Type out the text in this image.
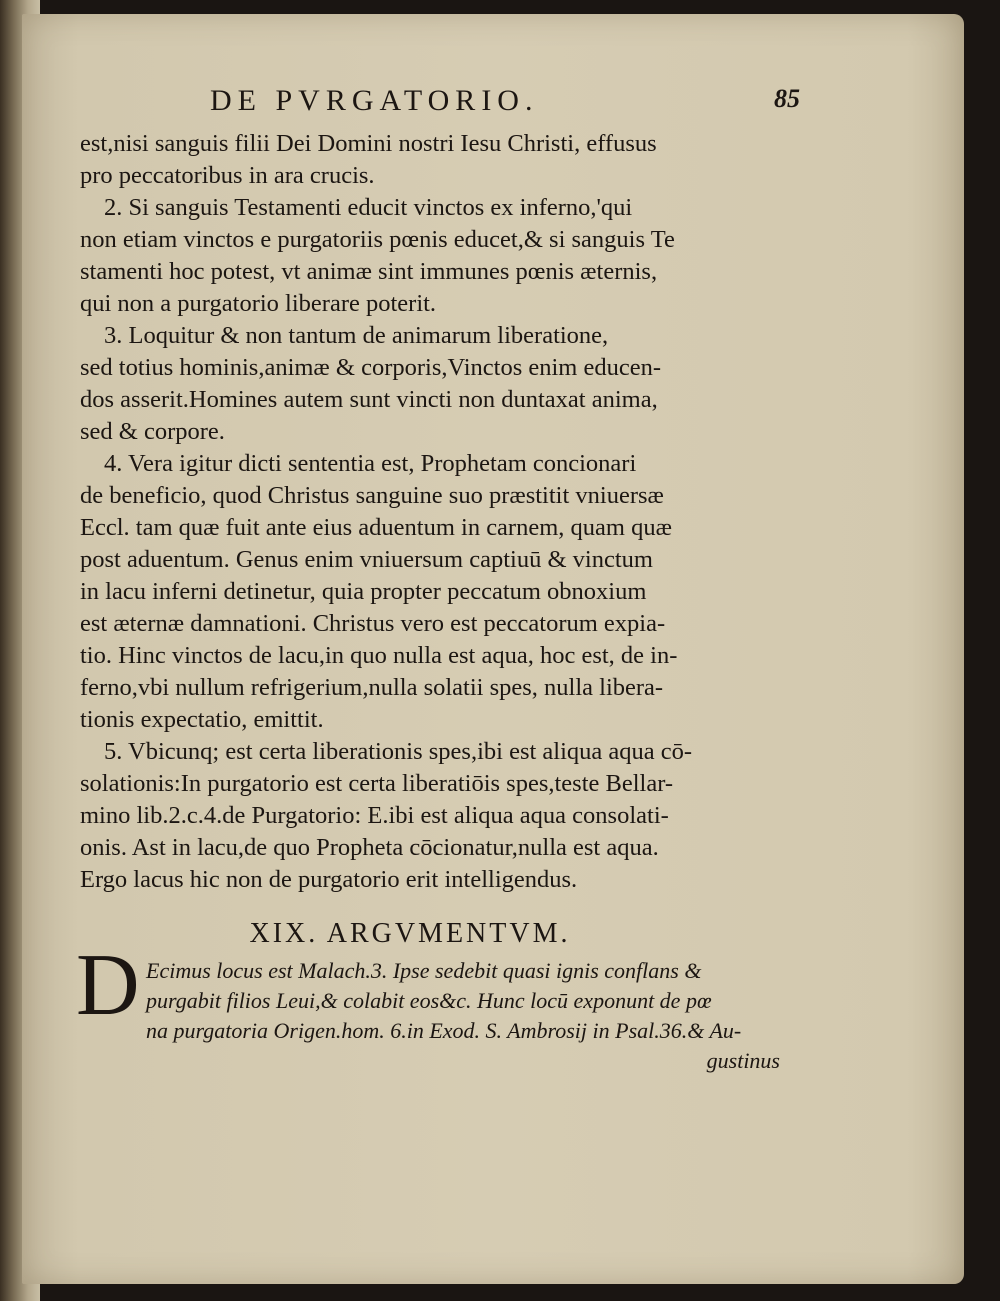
DE PVRGATORIO.	85
est,nisi sanguis filii Dei Domini nostri Iesu Christi, effusus
pro peccatoribus in ara crucis.
2. Si sanguis Testamenti educit vinctos ex inferno,'qui
non etiam vinctos e purgatoriis pœnis educet,& si sanguis Te
stamenti hoc potest, vt animæ sint immunes pœnis æternis,
qui non a purgatorio liberare poterit.
3. Loquitur & non tantum de animarum liberatione,
sed totius hominis,animæ & corporis,Vinctos enim educen-
dos asserit.Homines autem sunt vincti non duntaxat anima,
sed & corpore.
4. Vera igitur dicti sententia est, Prophetam concionari
de beneficio, quod Christus sanguine suo præstitit vniuersæ
Eccl. tam quæ fuit ante eius aduentum in carnem, quam quæ
post aduentum. Genus enim vniuersum captiuū & vinctum
in lacu inferni detinetur, quia propter peccatum obnoxium
est æternæ damnationi. Christus vero est peccatorum expia-
tio. Hinc vinctos de lacu,in quo nulla est aqua, hoc est, de in-
ferno,vbi nullum refrigerium,nulla solatii spes, nulla libera-
tionis expectatio, emittit.
5. Vbicunq; est certa liberationis spes,ibi est aliqua aqua cō-
solationis:In purgatorio est certa liberatiōis spes,teste Bellar-
mino lib.2.c.4.de Purgatorio: E.ibi est aliqua aqua consolati-
onis. Ast in lacu,de quo Propheta cōcionatur,nulla est aqua.
Ergo lacus hic non de purgatorio erit intelligendus.
XIX. ARGVMENTVM.
D Ecimus locus est Malach.3. Ipse sedebit quasi ignis conflans &
purgabit filios Leui,& colabit eos&c. Hunc locū exponunt de pœ
na purgatoria Origen.hom. 6.in Exod. S. Ambrosij in Psal.36.& Au-
gustinus
